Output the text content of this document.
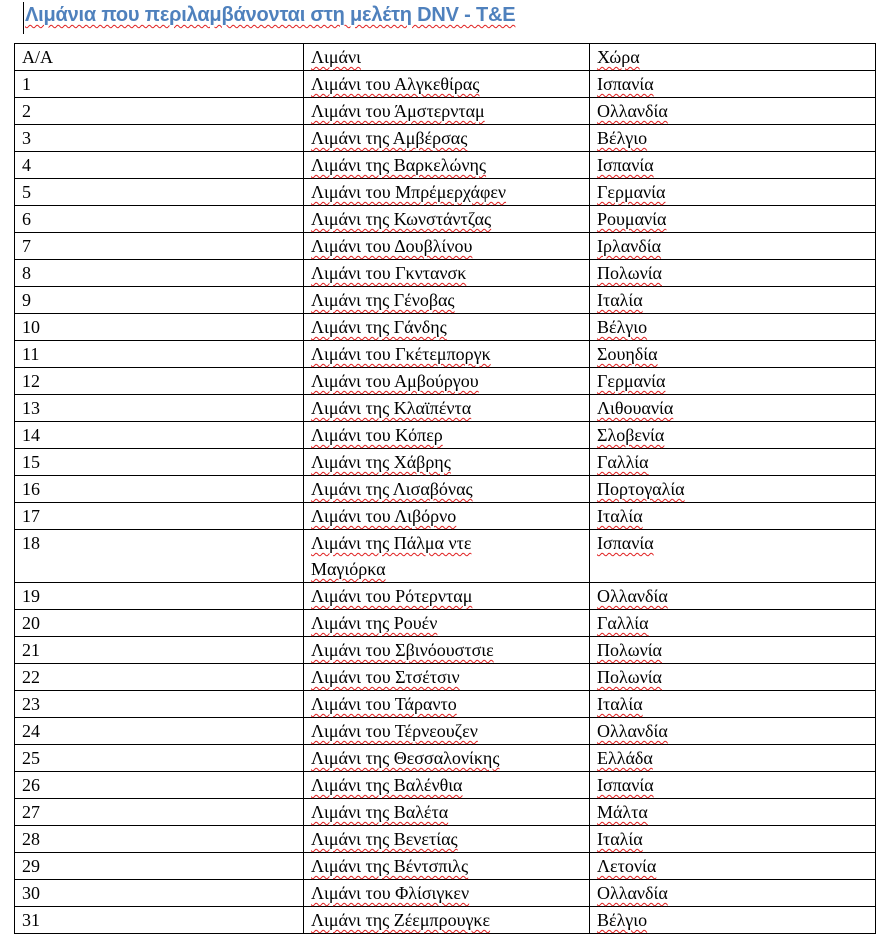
Λιμάνια που περιλαμβάνονται στη μελέτη DNV - T&E
Α/Α	Λιμάνι	Χώρα
1	Λιμάνι του Αλγκεθίρας	Ισπανία
2	Λιμάνι του Άμστερνταμ	Ολλανδία
3	Λιμάνι της Αμβέρσας	Βέλγιο
4	Λιμάνι της Βαρκελώνης	Ισπανία
5	Λιμάνι του Μπρέμερχάφεν	Γερμανία
6	Λιμάνι της Κωνστάντζας	Ρουμανία
7	Λιμάνι του Δουβλίνου	Ιρλανδία
8	Λιμάνι του Γκντανσκ	Πολωνία
9	Λιμάνι της Γένοβας	Ιταλία
10	Λιμάνι της Γάνδης	Βέλγιο
11	Λιμάνι του Γκέτεμποργκ	Σουηδία
12	Λιμάνι του Αμβούργου	Γερμανία
13	Λιμάνι της Κλαϊπέντα	Λιθουανία
14	Λιμάνι του Κόπερ	Σλοβενία
15	Λιμάνι της Χάβρης	Γαλλία
16	Λιμάνι της Λισαβόνας	Πορτογαλία
17	Λιμάνι του Λιβόρνο	Ιταλία
18	Λιμάνι της Πάλμα ντε Μαγιόρκα	Ισπανία
19	Λιμάνι του Ρότερνταμ	Ολλανδία
20	Λιμάνι της Ρουέν	Γαλλία
21	Λιμάνι του Σβινόουστσιε	Πολωνία
22	Λιμάνι του Στσέτσιν	Πολωνία
23	Λιμάνι του Τάραντο	Ιταλία
24	Λιμάνι του Τέρνεουζεν	Ολλανδία
25	Λιμάνι της Θεσσαλονίκης	Ελλάδα
26	Λιμάνι της Βαλένθια	Ισπανία
27	Λιμάνι της Βαλέτα	Μάλτα
28	Λιμάνι της Βενετίας	Ιταλία
29	Λιμάνι της Βέντσπιλς	Λετονία
30	Λιμάνι του Φλίσιγκεν	Ολλανδία
31	Λιμάνι της Ζέεμπρουγκε	Βέλγιο
